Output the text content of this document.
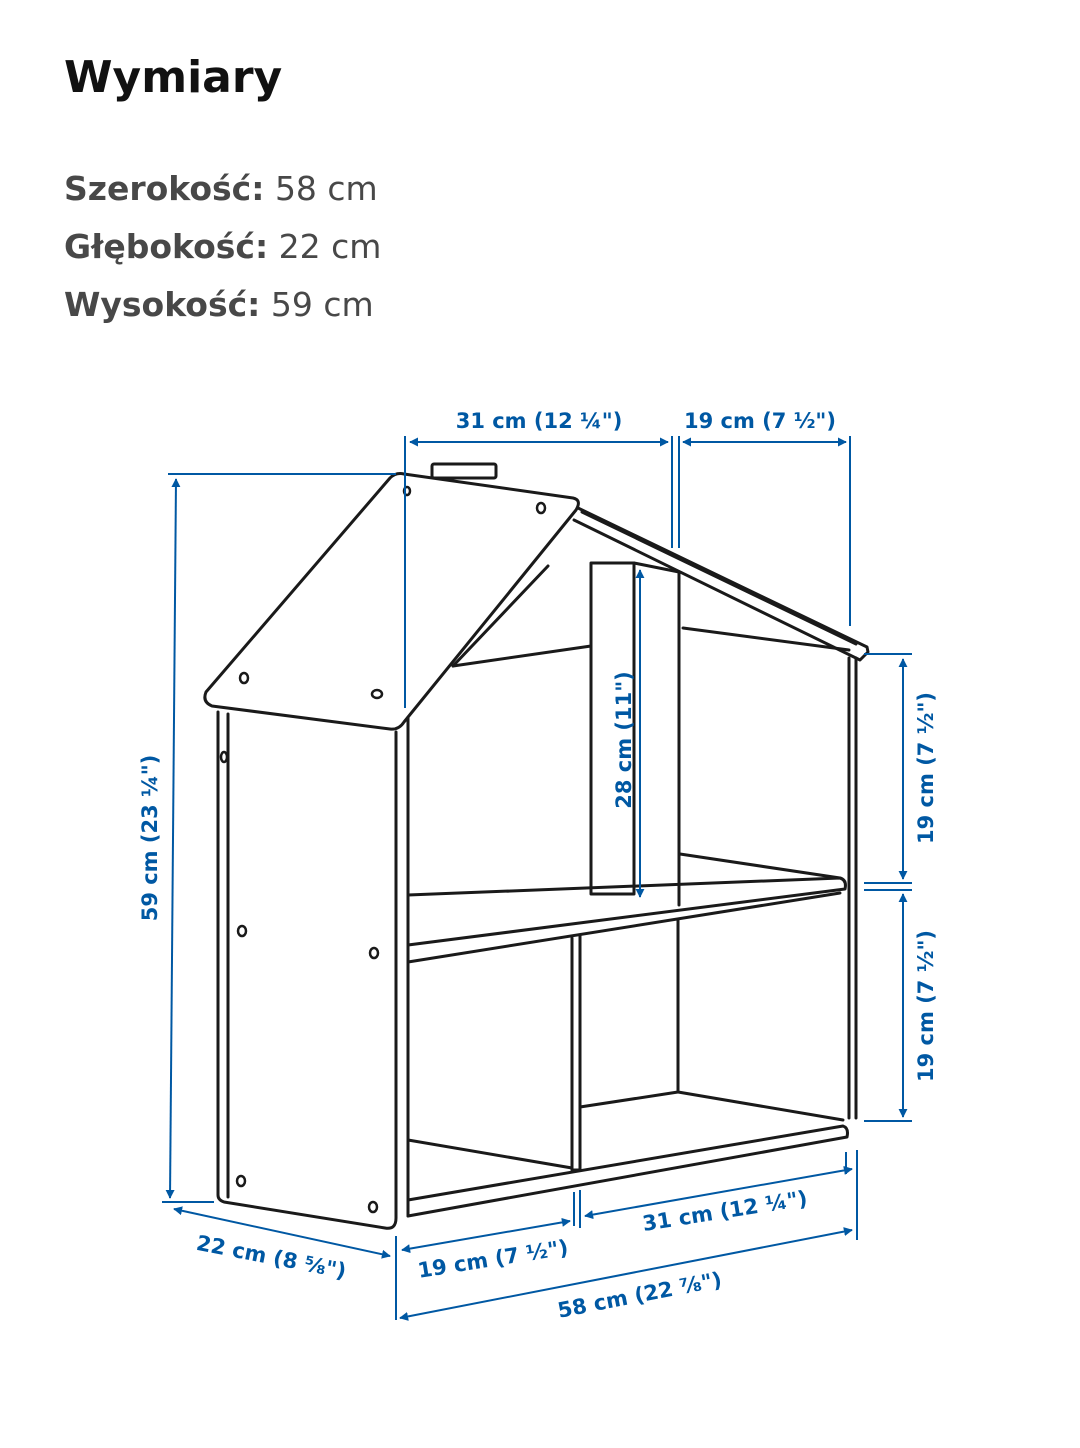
Wymiary
Szerokość: 58 cm
Głębokość: 22 cm
Wysokość: 59 cm
31 cm (12 ¼")	19 cm (7 ½")
59 cm (23 ¼")
28 cm (11")	19 cm (7 ½")
19 cm (7 ½")
22 cm (8 ⅝")	19 cm (7 ½")
31 cm (12 ¼")
58 cm (22 ⅞")
